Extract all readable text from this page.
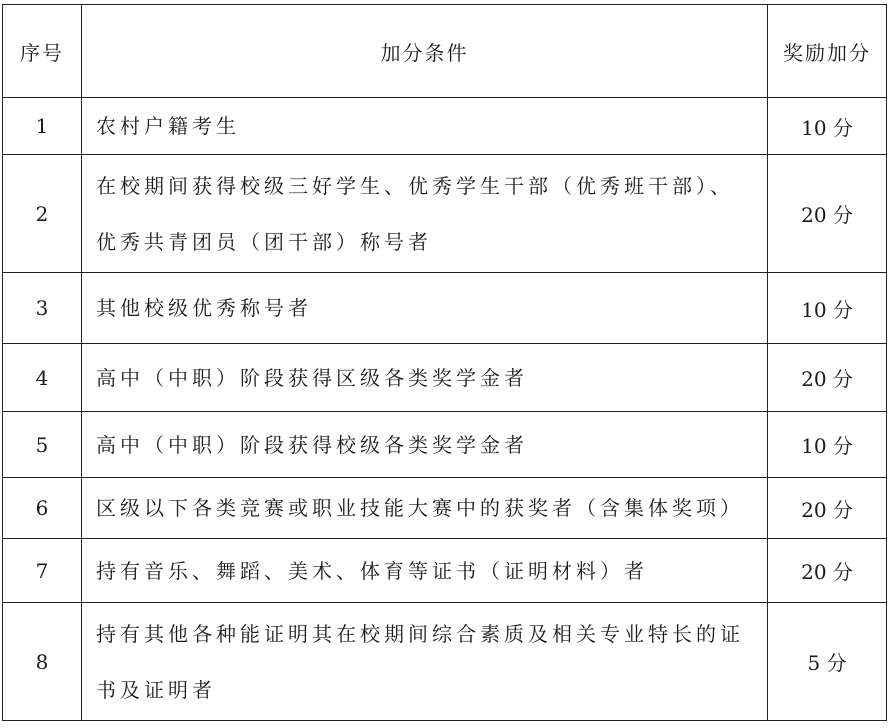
序号	加分条件	奖励加分
1	农村户籍考生	10 分
2	在校期间获得校级三好学生、优秀学生干部（优秀班干部）、优秀共青团员（团干部）称号者	20 分
3	其他校级优秀称号者	10 分
4	高中（中职）阶段获得区级各类奖学金者	20 分
5	高中（中职）阶段获得校级各类奖学金者	10 分
6	区级以下各类竞赛或职业技能大赛中的获奖者（含集体奖项）	20 分
7	持有音乐、舞蹈、美术、体育等证书（证明材料）者	20 分
8	持有其他各种能证明其在校期间综合素质及相关专业特长的证书及证明者	5 分
